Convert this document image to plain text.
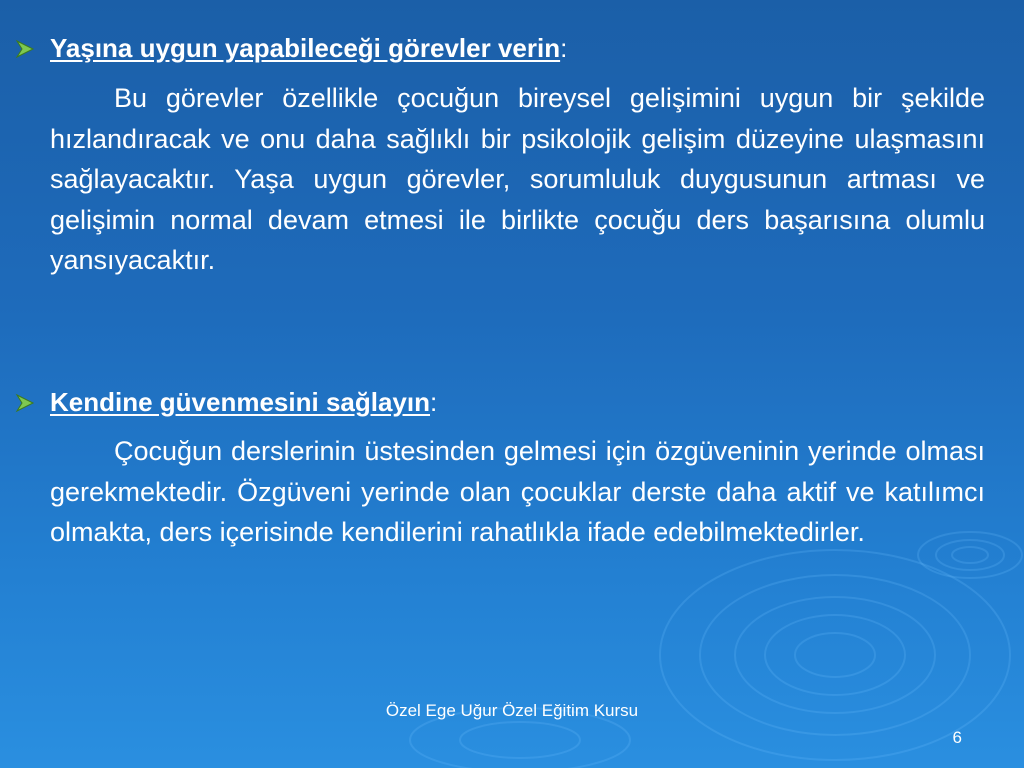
Yaşına uygun yapabileceği görevler verin:

Bu görevler özellikle çocuğun bireysel gelişimini uygun bir şekilde hızlandıracak ve onu daha sağlıklı bir psikolojik gelişim düzeyine ulaşmasını sağlayacaktır. Yaşa uygun görevler, sorumluluk duygusunun artması ve gelişimin normal devam etmesi ile birlikte çocuğu ders başarısına olumlu yansıyacaktır.

Kendine güvenmesini sağlayın:

Çocuğun derslerinin üstesinden gelmesi için özgüveninin yerinde olması gerekmektedir. Özgüveni yerinde olan çocuklar derste daha aktif ve katılımcı olmakta, ders içerisinde kendilerini rahatlıkla ifade edebilmektedirler.

Özel Ege Uğur Özel Eğitim Kursu
6
